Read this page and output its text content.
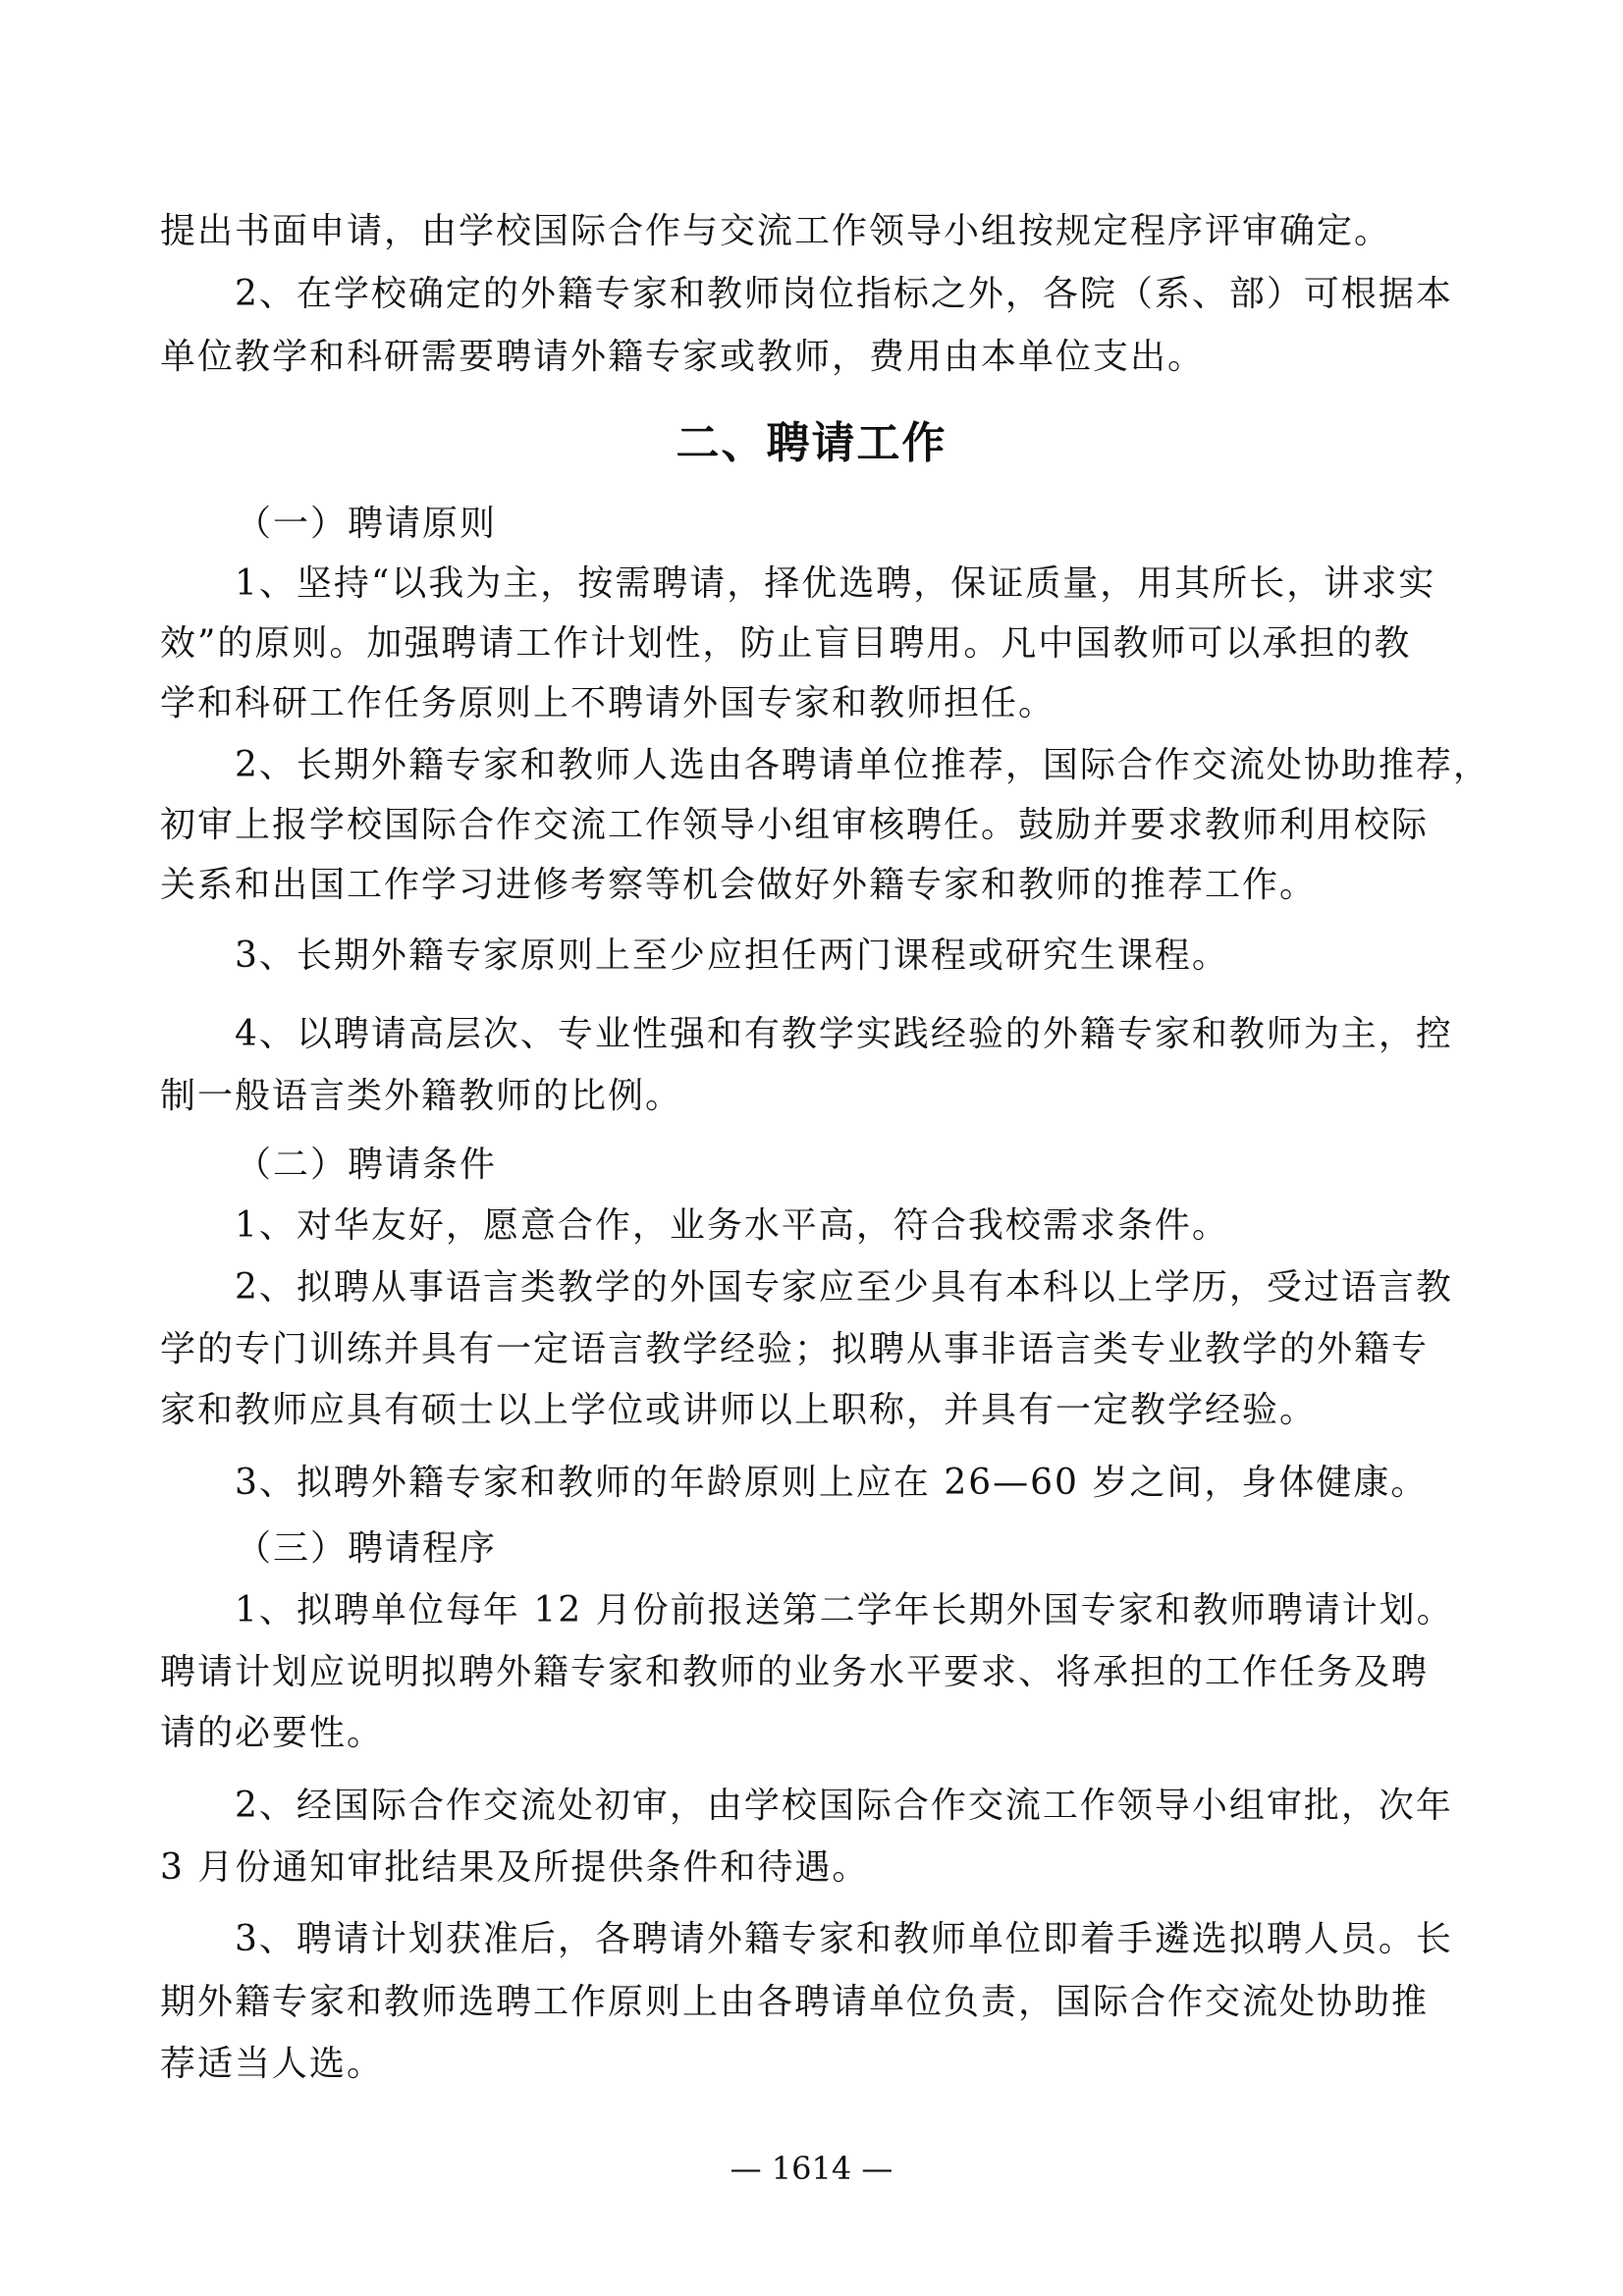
提出书面申请，由学校国际合作与交流工作领导小组按规定程序评审确定。
　　2、在学校确定的外籍专家和教师岗位指标之外，各院（系、部）可根据本
单位教学和科研需要聘请外籍专家或教师，费用由本单位支出。
二、聘请工作
（一）聘请原则
　　1、坚持“以我为主，按需聘请，择优选聘，保证质量，用其所长，讲求实
效”的原则。加强聘请工作计划性，防止盲目聘用。凡中国教师可以承担的教
学和科研工作任务原则上不聘请外国专家和教师担任。
　　2、长期外籍专家和教师人选由各聘请单位推荐，国际合作交流处协助推荐，
初审上报学校国际合作交流工作领导小组审核聘任。鼓励并要求教师利用校际
关系和出国工作学习进修考察等机会做好外籍专家和教师的推荐工作。
　　3、长期外籍专家原则上至少应担任两门课程或研究生课程。
　　4、以聘请高层次、专业性强和有教学实践经验的外籍专家和教师为主，控
制一般语言类外籍教师的比例。
（二）聘请条件
　　1、对华友好，愿意合作，业务水平高，符合我校需求条件。
　　2、拟聘从事语言类教学的外国专家应至少具有本科以上学历，受过语言教
学的专门训练并具有一定语言教学经验；拟聘从事非语言类专业教学的外籍专
家和教师应具有硕士以上学位或讲师以上职称，并具有一定教学经验。
　　3、拟聘外籍专家和教师的年龄原则上应在 26—60 岁之间，身体健康。
（三）聘请程序
　　1、拟聘单位每年 12 月份前报送第二学年长期外国专家和教师聘请计划。
聘请计划应说明拟聘外籍专家和教师的业务水平要求、将承担的工作任务及聘
请的必要性。
　　2、经国际合作交流处初审，由学校国际合作交流工作领导小组审批，次年
3 月份通知审批结果及所提供条件和待遇。
　　3、聘请计划获准后，各聘请外籍专家和教师单位即着手遴选拟聘人员。长
期外籍专家和教师选聘工作原则上由各聘请单位负责，国际合作交流处协助推
荐适当人选。
— 1614 —
